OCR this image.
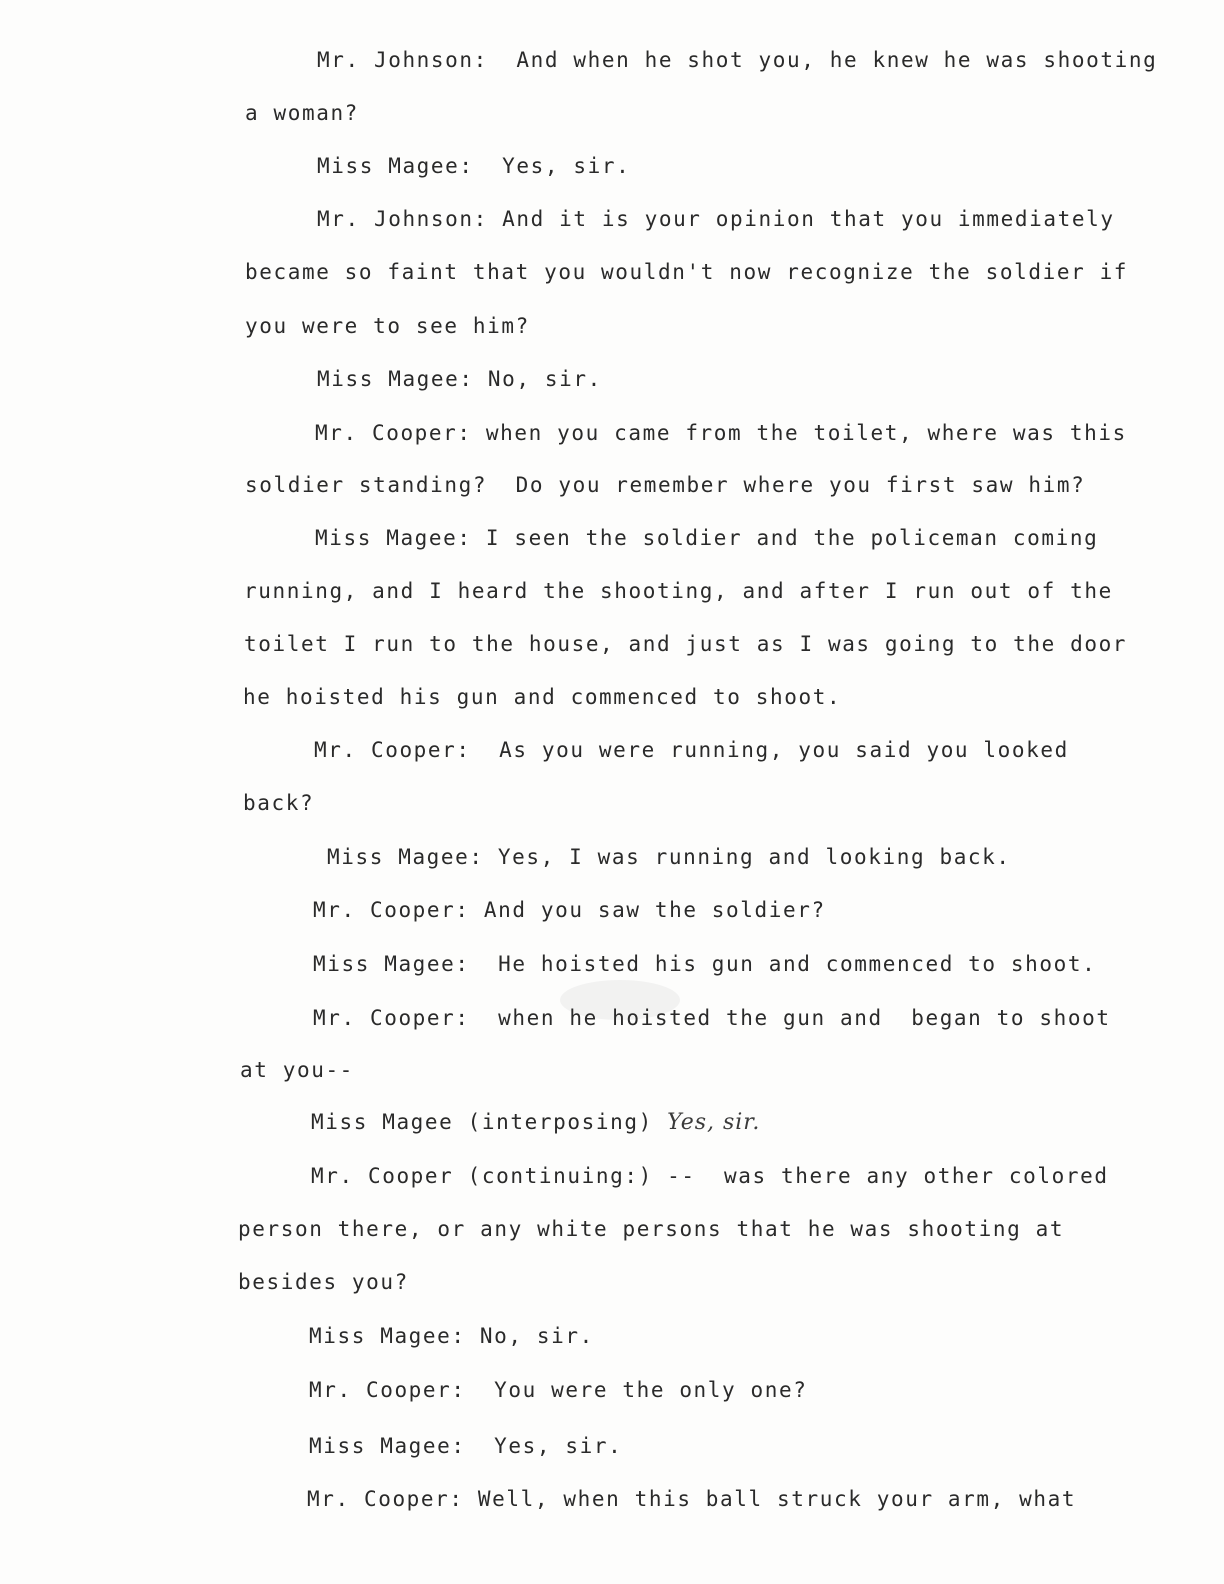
Mr. Johnson:  And when he shot you, he knew he was shooting

a woman?

Miss Magee:  Yes, sir.

Mr. Johnson: And it is your opinion that you immediately

became so faint that you wouldn't now recognize the soldier if

you were to see him?

Miss Magee: No, sir.

Mr. Cooper: when you came from the toilet, where was this

soldier standing?  Do you remember where you first saw him?

Miss Magee: I seen the soldier and the policeman coming

running, and I heard the shooting, and after I run out of the

toilet I run to the house, and just as I was going to the door

he hoisted his gun and commenced to shoot.

Mr. Cooper:  As you were running, you said you looked

back?

Miss Magee: Yes, I was running and looking back.

Mr. Cooper: And you saw the soldier?

Miss Magee:  He hoisted his gun and commenced to shoot.

Mr. Cooper:  when he hoisted the gun and  began to shoot

at you--

Miss Magee (interposing) Yes, sir.

Mr. Cooper (continuing:) --  was there any other colored

person there, or any white persons that he was shooting at

besides you?

Miss Magee: No, sir.

Mr. Cooper:  You were the only one?

Miss Magee:  Yes, sir.

Mr. Cooper: Well, when this ball struck your arm, what
